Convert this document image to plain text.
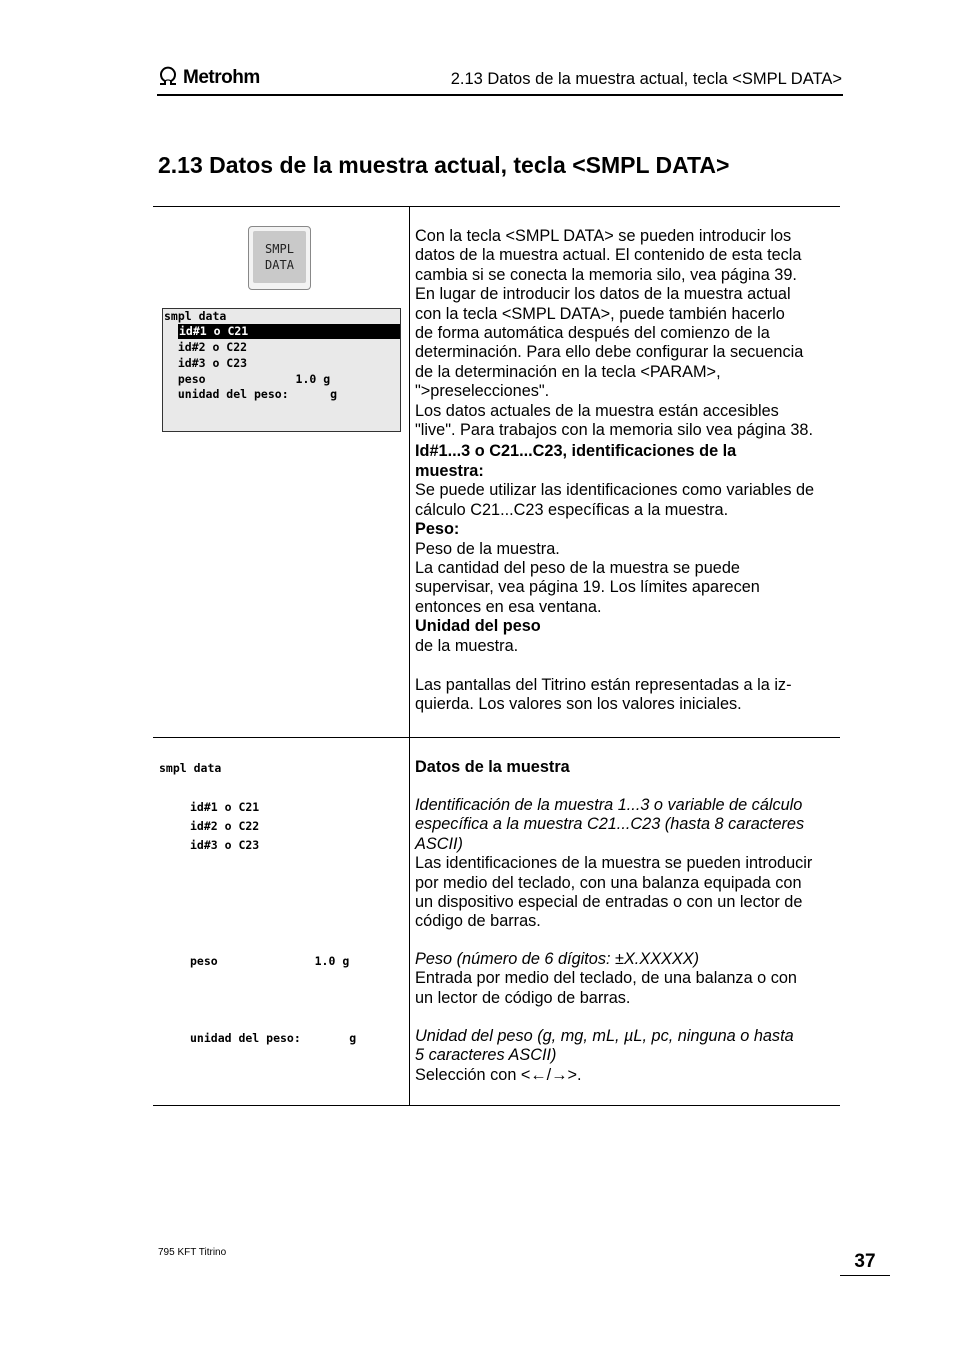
Metrohm	2.13 Datos de la muestra actual, tecla <SMPL DATA>
2.13 Datos de la muestra actual, tecla <SMPL DATA>
SMPL
DATA
smpl data
id#1 o C21
id#2 o C22
id#3 o C23
peso             1.0 g
unidad del peso:      g
Con la tecla <SMPL DATA> se pueden introducir los
datos de la muestra actual. El contenido de esta tecla
cambia si se conecta la memoria silo, vea página 39.
En lugar de introducir los datos de la muestra actual
con la tecla <SMPL DATA>, puede también hacerlo
de forma automática después del comienzo de la
determinación. Para ello debe configurar la secuencia
de la determinación en la tecla <PARAM>,
">preselecciones".
Los datos actuales de la muestra están accesibles
"live". Para trabajos con la memoria silo vea página 38.
Id#1...3 o C21...C23, identificaciones de la
muestra:
Se puede utilizar las identificaciones como variables de
cálculo C21...C23 específicas a la muestra.
Peso:
Peso de la muestra.
La cantidad del peso de la muestra se puede
supervisar, vea página 19. Los límites aparecen
entonces en esa ventana.
Unidad del peso
de la muestra.
Las pantallas del Titrino están representadas a la iz-
quierda. Los valores son los valores iniciales.
smpl data
id#1 o C21
id#2 o C22
id#3 o C23
peso              1.0 g
unidad del peso:       g
Datos de la muestra
Identificación de la muestra 1...3 o variable de cálculo
específica a la muestra C21...C23 (hasta 8 caracteres
ASCII)
Las identificaciones de la muestra se pueden introducir
por medio del teclado, con una balanza equipada con
un dispositivo especial de entradas o con un lector de
código de barras.
Peso (número de 6 dígitos: ±X.XXXXX)
Entrada por medio del teclado, de una balanza o con
un lector de código de barras.
Unidad del peso (g, mg, mL, µL, pc, ninguna o hasta
5 caracteres ASCII)
Selección con <←/→>.
795 KFT Titrino	37
